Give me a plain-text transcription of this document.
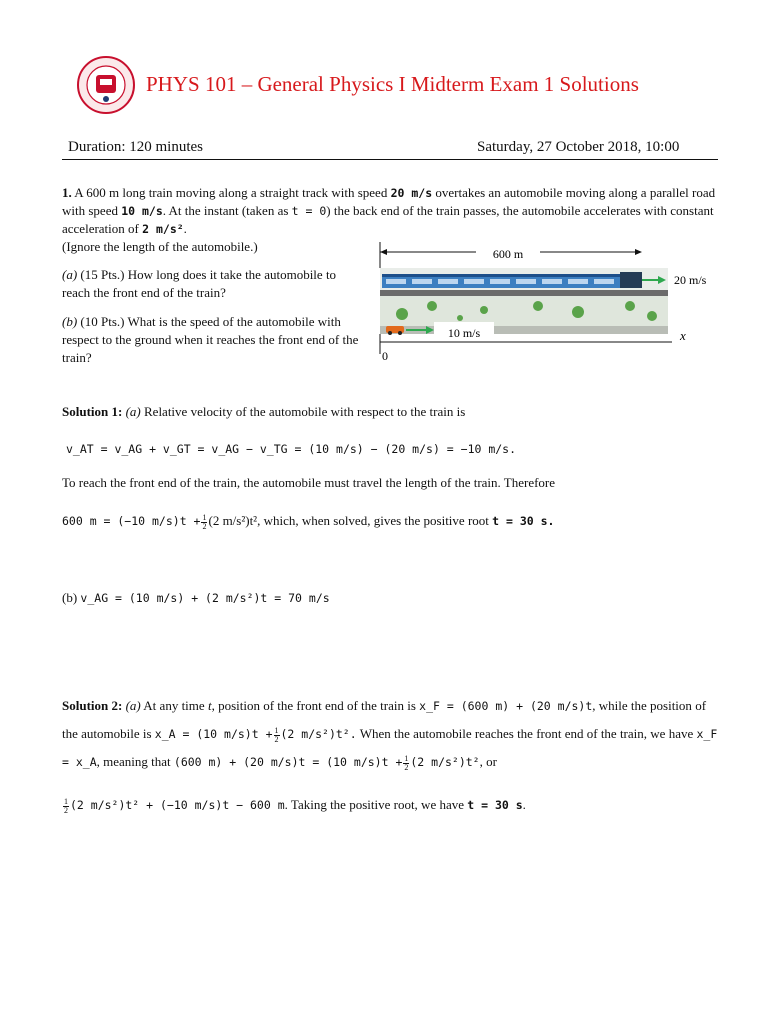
PHYS 101 – General Physics I Midterm Exam 1 Solutions
Duration: 120 minutes	Saturday, 27 October 2018, 10:00
1. A 600 m long train moving along a straight track with speed 20 m/s overtakes an automobile moving along a parallel road with speed 10 m/s. At the instant (taken as t = 0) the back end of the train passes, the automobile accelerates with constant acceleration of 2 m/s².
(Ignore the length of the automobile.)
(a) (15 Pts.) How long does it take the automobile to reach the front end of the train?
(b) (10 Pts.) What is the speed of the automobile with respect to the ground when it reaches the front end of the train?
600 m
20 m/s
10 m/s	x
0
Solution 1: (a) Relative velocity of the automobile with respect to the train is
v_AT = v_AG + v_GT = v_AG − v_TG = (10 m/s) − (20 m/s) = −10 m/s.
To reach the front end of the train, the automobile must travel the length of the train. Therefore
600 m = (−10 $m/s)t + \frac{1}{2} (2$ m/s²)t², which, when solved, gives the positive root t = 30 s.
(b) v_AG = (10 m/s) + (2 m/s²)t = 70 m/s
Solution 2: (a) At any time t, position of the front end of the train is x_F = (600 m) + (20 m/s)t, while the position of the automobile is x_A = (10 $m/s)t + \frac{1}{2} (2$ m/s²)t². When the automobile reaches the front end of the train, we have x_F = x_A, meaning that (600 m) + (20 m/s)t = (10 $m/s)t + \frac{1}{2} (2$ m/s²)t², or
$\frac{1}{2} (2$ m/s²)t² + (−10 m/s)t − 600 m. Taking the positive root, we have t = 30 s.
